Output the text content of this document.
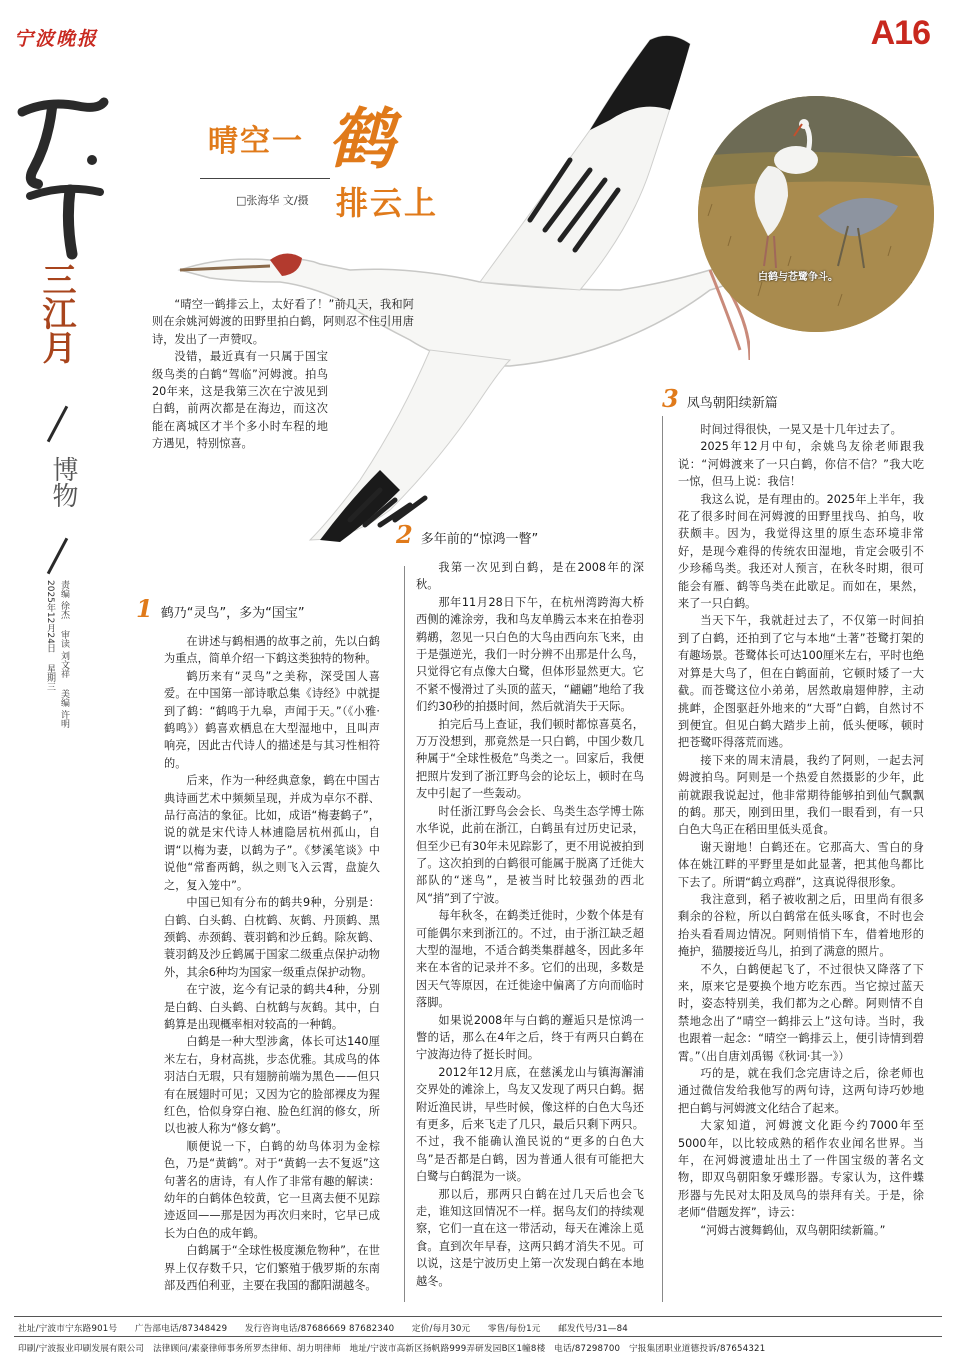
宁波晚报	A16
三江月
博物
责编 徐杰 审读 刘文祥 美编 许明
2025年12月24日 星期三
晴空一 鹤
排云上
□张海华 文/摄
白鹤与苍鹭争斗。

“晴空一鹤排云上，太好看了！”前几天，我和阿则在余姚河姆渡的田野里拍白鹤，阿则忍不住引用唐诗，发出了一声赞叹。

没错，最近真有一只属于国宝级鸟类的白鹤“驾临”河姆渡。拍鸟20年来，这是我第三次在宁波见到白鹤，前两次都是在海边，而这次能在离城区才半个多小时车程的地方遇见，特别惊喜。

1 鹤乃“灵鸟”，多为“国宝”

在讲述与鹤相遇的故事之前，先以白鹤为重点，简单介绍一下鹤这类独特的物种。

鹤历来有“灵鸟”之美称，深受国人喜爱。在中国第一部诗歌总集《诗经》中就提到了鹤：“鹤鸣于九皋，声闻于天。”（《小雅·鹤鸣》）鹤喜欢栖息在大型湿地中，且叫声响亮，因此古代诗人的描述是与其习性相符的。

后来，作为一种经典意象，鹤在中国古典诗画艺术中频频呈现，并成为卓尔不群、品行高洁的象征。比如，成语“梅妻鹤子”，说的就是宋代诗人林逋隐居杭州孤山，自谓“以梅为妻，以鹤为子”。《梦溪笔谈》中说他“常畜两鹤，纵之则飞入云霄，盘旋久之，复入笼中”。

中国已知有分布的鹤共9种，分别是：白鹤、白头鹤、白枕鹤、灰鹤、丹顶鹤、黑颈鹤、赤颈鹤、蓑羽鹤和沙丘鹤。除灰鹤、蓑羽鹤及沙丘鹤属于国家二级重点保护动物外，其余6种均为国家一级重点保护动物。

在宁波，迄今有记录的鹤共4种，分别是白鹤、白头鹤、白枕鹤与灰鹤。其中，白鹤算是出现概率相对较高的一种鹤。

白鹤是一种大型涉禽，体长可达140厘米左右，身材高挑，步态优雅。其成鸟的体羽洁白无瑕，只有翅膀前端为黑色——但只有在展翅时可见；又因为它的脸部裸皮为猩红色，恰似身穿白袍、脸色红润的修女，所以也被人称为“修女鹤”。

顺便说一下，白鹤的幼鸟体羽为金棕色，乃是“黄鹤”。对于“黄鹤一去不复返”这句著名的唐诗，有人作了非常有趣的解读：幼年的白鹤体色较黄，它一旦离去便不见踪迹返回——那是因为再次归来时，它早已成长为白色的成年鹤。

白鹤属于“全球性极度濒危物种”，在世界上仅存数千只，它们繁殖于俄罗斯的东南部及西伯利亚，主要在我国的鄱阳湖越冬。

2 多年前的“惊鸿一瞥”

我第一次见到白鹤，是在2008年的深秋。

那年11月28日下午，在杭州湾跨海大桥西侧的滩涂旁，我和鸟友单腾云本来在拍卷羽鹈鹕，忽见一只白色的大鸟由西向东飞来，由于是强逆光，我们一时分辨不出那是什么鸟，只觉得它有点像大白鹭，但体形显然更大。它不紧不慢滑过了头顶的蓝天，“翩翩”地给了我们约30秒的拍摄时间，然后就消失于天际。

拍完后马上查证，我们顿时都惊喜莫名，万万没想到，那竟然是一只白鹤，中国少数几种属于“全球性极危”鸟类之一。回家后，我便把照片发到了浙江野鸟会的论坛上，顿时在鸟友中引起了一些轰动。

时任浙江野鸟会会长、鸟类生态学博士陈水华说，此前在浙江，白鹤虽有过历史记录，但至少已有30年未见踪影了，更不用说被拍到了。这次拍到的白鹤很可能属于脱离了迁徙大部队的“迷鸟”，是被当时比较强劲的西北风“捎”到了宁波。

每年秋冬，在鹤类迁徙时，少数个体是有可能偶尔来到浙江的。不过，由于浙江缺乏超大型的湿地，不适合鹤类集群越冬，因此多年来在本省的记录并不多。它们的出现，多数是因天气等原因，在迁徙途中偏离了方向而临时落脚。

如果说2008年与白鹤的邂逅只是惊鸿一瞥的话，那么在4年之后，终于有两只白鹤在宁波海边待了挺长时间。

2012年12月底，在慈溪龙山与镇海澥浦交界处的滩涂上，鸟友又发现了两只白鹤。据附近渔民讲，早些时候，像这样的白色大鸟还有更多，后来飞走了几只，最后只剩下两只。不过，我不能确认渔民说的“更多的白色大鸟”是否都是白鹤，因为普通人很有可能把大白鹭与白鹤混为一谈。

那以后，那两只白鹤在过几天后也会飞走，谁知这回情况不一样。据鸟友们的持续观察，它们一直在这一带活动，每天在滩涂上觅食。直到次年早春，这两只鹤才消失不见。可以说，这是宁波历史上第一次发现白鹤在本地越冬。

3 凤鸟朝阳续新篇

时间过得很快，一晃又是十几年过去了。

2025年12月中旬，余姚鸟友徐老师跟我说：“河姆渡来了一只白鹤，你信不信？”我大吃一惊，但马上说：我信！

我这么说，是有理由的。2025年上半年，我花了很多时间在河姆渡的田野里找鸟、拍鸟，收获颇丰。因为，我觉得这里的原生态环境非常好，是现今难得的传统农田湿地，肯定会吸引不少珍稀鸟类。我还对人预言，在秋冬时期，很可能会有雁、鹤等鸟类在此歇足。而如在，果然，来了一只白鹤。

当天下午，我就赶过去了，不仅第一时间拍到了白鹤，还拍到了它与本地“土著”苍鹭打架的有趣场景。苍鹭体长可达100厘米左右，平时也绝对算是大鸟了，但在白鹤面前，它顿时矮了一大截。而苍鹭这位小弟弟，居然敢扇翅伸脖，主动挑衅，企图驱赶外地来的“大哥”白鹤，自然讨不到便宜。但见白鹤大踏步上前，低头便啄，顿时把苍鹭吓得落荒而逃。

接下来的周末清晨，我约了阿则，一起去河姆渡拍鸟。阿则是一个热爱自然摄影的少年，此前就跟我说起过，他非常期待能够拍到仙气飘飘的鹤。那天，刚到田里，我们一眼看到，有一只白色大鸟正在稻田里低头觅食。

谢天谢地！白鹤还在。它那高大、雪白的身体在姚江畔的平野里是如此显著，把其他鸟都比下去了。所谓“鹤立鸡群”，这真说得很形象。

我注意到，稻子被收割之后，田里尚有很多剩余的谷粒，所以白鹤常在低头啄食，不时也会抬头看看周边情况。阿则悄悄下车，借着地形的掩护，猫腰接近鸟儿，拍到了满意的照片。

不久，白鹤便起飞了，不过很快又降落了下来，原来它是要换个地方吃东西。当它掠过蓝天时，姿态特别美，我们都为之心醉。阿则情不自禁地念出了“晴空一鹤排云上”这句诗。当时，我也跟着一起念：“晴空一鹤排云上，便引诗情到碧霄。”（出自唐刘禹锡《秋词·其一》）

巧的是，就在我们念完唐诗之后，徐老师也通过微信发给我他写的两句诗，这两句诗巧妙地把白鹤与河姆渡文化结合了起来。

大家知道，河姆渡文化距今约7000年至5000年，以比较成熟的稻作农业闻名世界。当年，在河姆渡遗址出土了一件国宝级的著名文物，即双鸟朝阳象牙蝶形器。专家认为，这件蝶形器与先民对太阳及凤鸟的崇拜有关。于是，徐老师“借题发挥”，诗云：

“河姆古渡舞鹤仙，双鸟朝阳续新篇。”

社址/宁波市宁东路901号　　广告部电话/87348429　　发行咨询电话/87686669 87682340　　定价/每月30元　　零售/每份1元　　邮发代号/31—84
印刷/宁波报业印刷发展有限公司　法律顾问/素豪律师事务所罗杰律师、胡力明律师　地址/宁波市高新区扬帆路999弄研发园B区1幢8楼　电话/87298700　宁报集团职业道德投诉/87654321
